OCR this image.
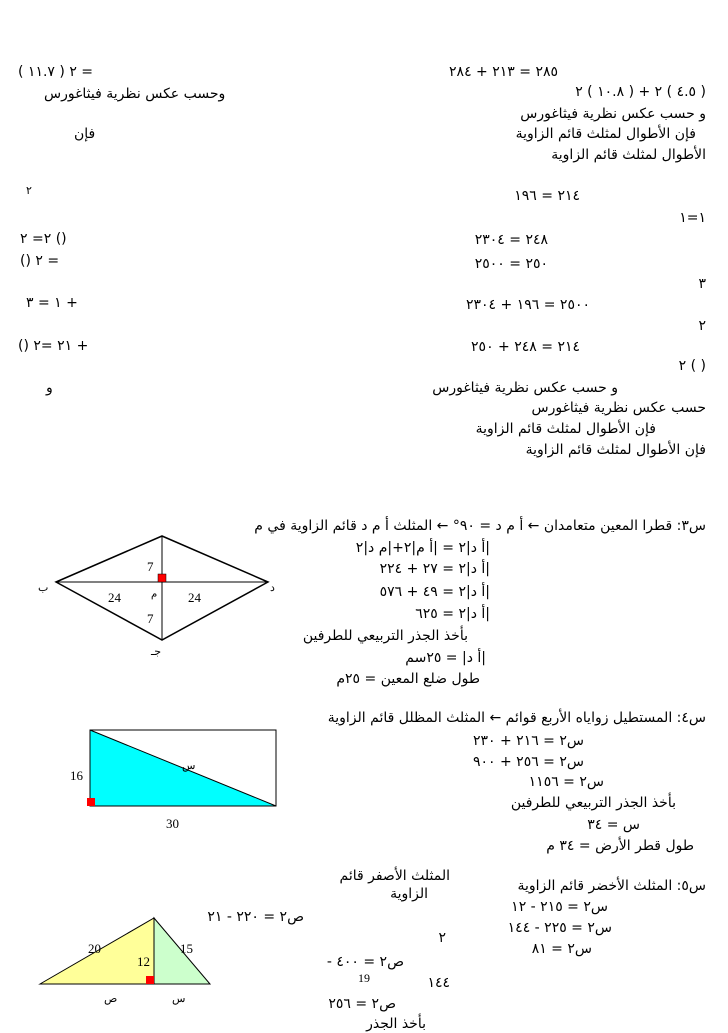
٢٨٥ = ٢١٣ + ٢٨٤
( ٤.٥ ) ٢ + ( ١٠.٨ ) ٢
و حسب عكس نظرية فيثاغورس
فإن الأطوال لمثلث قائم الزاوية
الأطوال لمثلث قائم الزاوية
٢١٤ = ١٩٦
١=١
٢٤٨ = ٢٣٠٤
٢٥٠ = ٢٥٠٠
٣
٢٥٠٠ = ١٩٦ + ٢٣٠٤
٢
٢١٤ = ٢٤٨ + ٢٥٠
( ) ٢
و حسب عكس نظرية فيثاغورس
حسب عكس نظرية فيثاغورس
فإن الأطوال لمثلث قائم الزاوية
فإن الأطوال لمثلث قائم الزاوية
= ٢ ( ١١.٧ )
وحسب عكس نظرية فيثاغورس
فإن
٢
() ٢= ٢
= ٢ ()
+ ١ = ٣
+ ٢١ =٢ ()
و
س٣: قطرا المعين متعامدان ← أ م د = ٩٠° ← المثلث أ م د قائم الزاوية في م
|أ د|٢ = |أ م|٢+|م د|٢
|أ د|٢ = ٢٧ + ٢٢٤
|أ د|٢ = ٤٩ + ٥٧٦
|أ د|٢ = ٦٢٥
بأخذ الجذر التربيعي للطرفين
|أ د| = ٢٥سم
طول ضلع المعين = ٢٥م
7
7
24	24
ب	د
م
جـ
س٤: المستطيل زواياه الأربع قوائم ← المثلث المظلل قائم الزاوية
س٢ = ٢١٦ + ٢٣٠
س٢ = ٢٥٦ + ٩٠٠
س٢ = ١١٥٦
بأخذ الجذر التربيعي للطرفين
س = ٣٤
طول قطر الأرض = ٣٤ م
16
30
س
س٥: المثلث الأخضر قائم الزاوية
المثلث الأصفر قائم
الزاوية
س٢ = ٢١٥ - ١٢
س٢ = ٢٢٥ - ١٤٤
س٢ = ٨١
ص٢ = ٢٢٠ - ٢١
٢
ص٢ = ٤٠٠ -
19	١٤٤
ص٢ = ٢٥٦
بأخذ الجذر
20	15
12
ص	س
